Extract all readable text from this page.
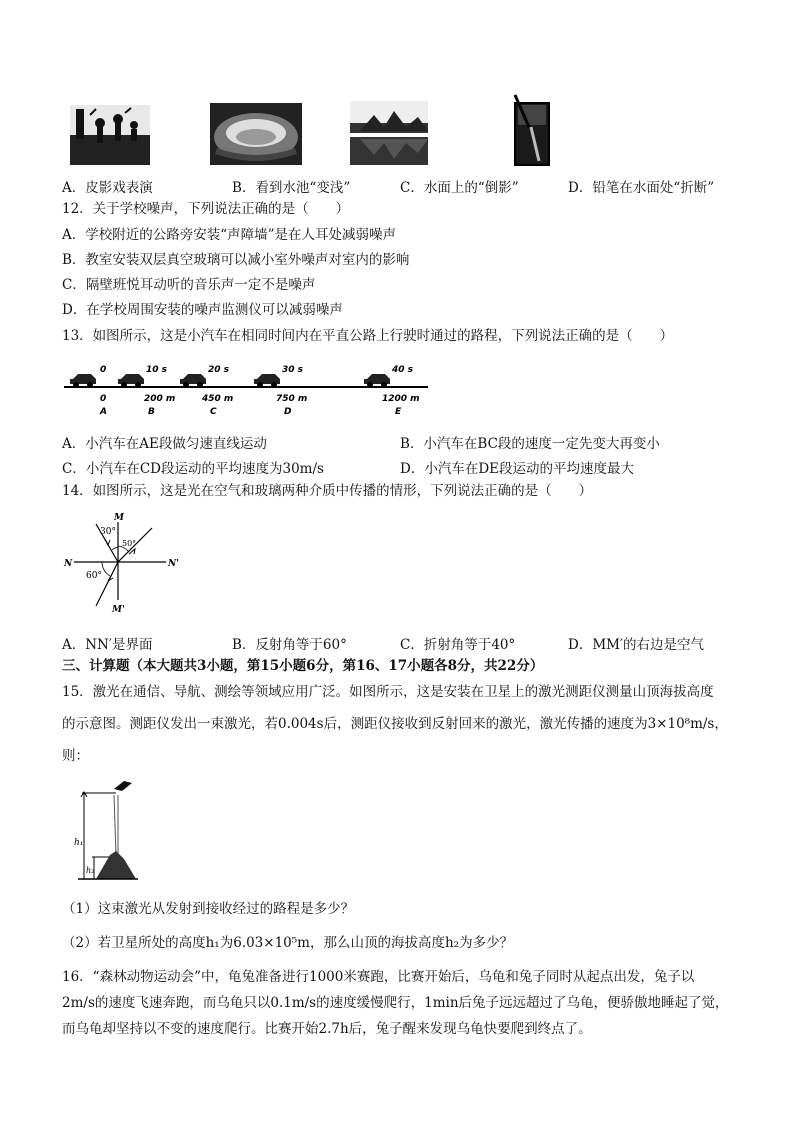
A．皮影戏表演	B．看到水池“变浅”	C．水面上的“倒影”	D．铅笔在水面处“折断”
12．关于学校噪声，下列说法正确的是（　　）
A．学校附近的公路旁安装“声障墙”是在人耳处减弱噪声
B．教室安装双层真空玻璃可以减小室外噪声对室内的影响
C．隔壁班悦耳动听的音乐声一定不是噪声
D．在学校周围安装的噪声监测仪可以减弱噪声
13．如图所示，这是小汽车在相同时间内在平直公路上行驶时通过的路程，下列说法正确的是（　　）
0	10 s	20 s	30 s	40 s
0	200 m	450 m	750 m	1200 m
A	B	C	D	E
A．小汽车在AE段做匀速直线运动	B．小汽车在BC段的速度一定先变大再变小
C．小汽车在CD段运动的平均速度为30m/s	D．小汽车在DE段运动的平均速度最大
14．如图所示，这是光在空气和玻璃两种介质中传播的情形，下列说法正确的是（　　）
M
M'
N	N'
30°
50°
60°
A．NN′是界面	B．反射角等于60°	C．折射角等于40°	D．MM′的右边是空气
三、计算题（本大题共3小题，第15小题6分，第16、17小题各8分，共22分）
15．激光在通信、导航、测绘等领域应用广泛。如图所示，这是安装在卫星上的激光测距仪测量山顶海拔高度
的示意图。测距仪发出一束激光，若0.004s后，测距仪接收到反射回来的激光，激光传播的速度为3×10⁸m/s，
则：
h₁
h₂
（1）这束激光从发射到接收经过的路程是多少？
（2）若卫星所处的高度h₁为6.03×10⁵m，那么山顶的海拔高度h₂为多少？
16．“森林动物运动会”中，龟兔准备进行1000米赛跑，比赛开始后，乌龟和兔子同时从起点出发，兔子以
2m/s的速度飞速奔跑，而乌龟只以0.1m/s的速度缓慢爬行，1min后兔子远远超过了乌龟，便骄傲地睡起了觉，
而乌龟却坚持以不变的速度爬行。比赛开始2.7h后，兔子醒来发现乌龟快要爬到终点了。
